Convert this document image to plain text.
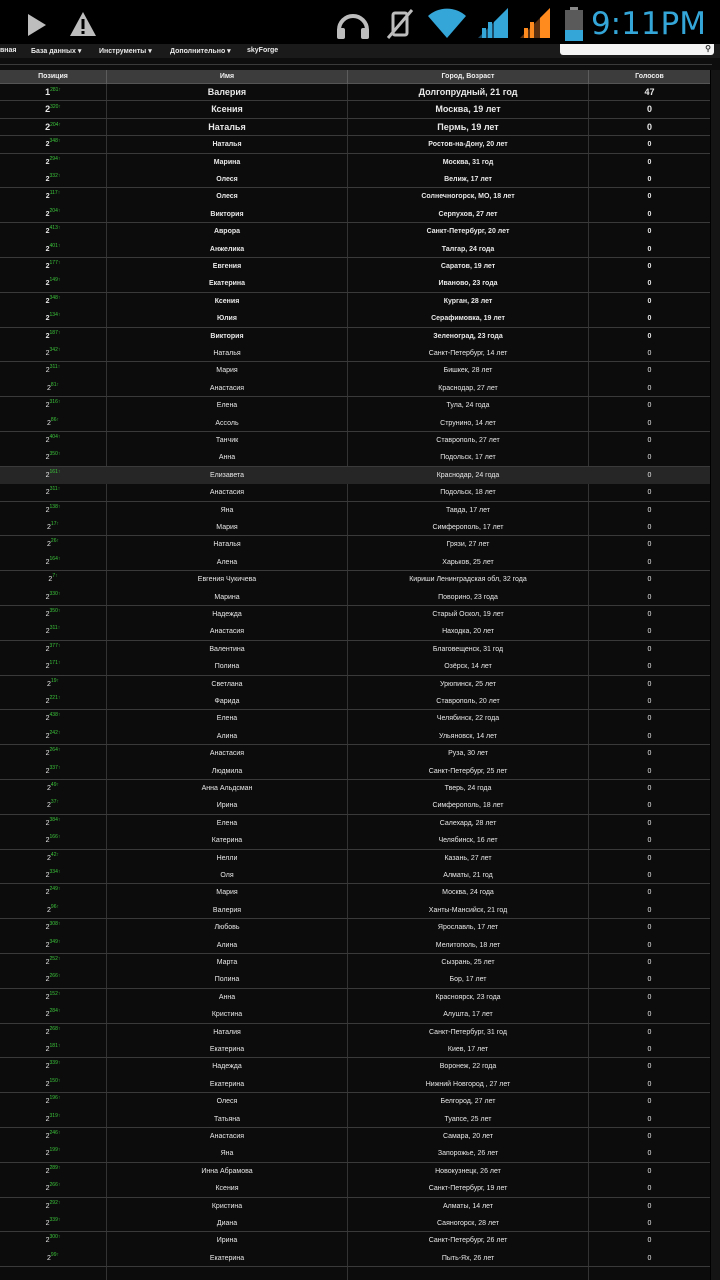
9:11PM
вная База данных ▾	Инструменты ▾	Дополнительно ▾ skyForge	⚲
Позиция	Имя	Город, Возраст	Голосов
$1^{281↑}$	Валерия	Долгопрудный, 21 год	47
$2^{320↑}$	Ксения	Москва, 19 лет	0
$2^{204↑}$	Наталья	Пермь, 19 лет	0
$2^{348↑}$	Наталья	Ростов-на-Дону, 20 лет	0
$2^{294↑}$	Марина	Москва, 31 год	0
$2^{332↑}$	Олеся	Велиж, 17 лет	0
$2^{117↑}$	Олеся	Солнечногорск, МО, 18 лет	0
$2^{204↑}$	Виктория	Серпухов, 27 лет	0
$2^{413↑}$	Аврора	Санкт-Петербург, 20 лет	0
$2^{401↑}$	Анжелика	Талгар, 24 года	0
$2^{177↑}$	Евгения	Саратов, 19 лет	0
$2^{149↑}$	Екатерина	Иваново, 23 года	0
$2^{348↑}$	Ксения	Курган, 28 лет	0
$2^{134↑}$	Юлия	Серафимовка, 19 лет	0
$2^{187↑}$	Виктория	Зеленоград, 23 года	0
$2^{342↑}$	Наталья	Санкт-Петербург, 14 лет	0
$2^{311↑}$	Мария	Бишкек, 28 лет	0
$2^{81↑}$	Анастасия	Краснодар, 27 лет	0
$2^{316↑}$	Елена	Тула, 24 года	0
$2^{86↑}$	Ассоль	Струнино, 14 лет	0
$2^{404↑}$	Танчик	Ставрополь, 27 лет	0
$2^{350↑}$	Анна	Подольск, 17 лет	0
$2^{161↑}$	Елизавета	Краснодар, 24 года	0
$2^{311↑}$	Анастасия	Подольск, 18 лет	0
$2^{138↑}$	Яна	Тавда, 17 лет	0
$2^{17↑}$	Мария	Симферополь, 17 лет	0
$2^{26↑}$	Наталья	Грязи, 27 лет	0
$2^{164↑}$	Алена	Харьков, 25 лет	0
$2^{7↑}$	Евгения Чукичева	Кириши Ленинградская обл, 32 года	0
$2^{330↑}$	Марина	Поворино, 23 года	0
$2^{350↑}$	Надежда	Старый Оскол, 19 лет	0
$2^{311↑}$	Анастасия	Находка, 20 лет	0
$2^{377↑}$	Валентина	Благовещенск, 31 год	0
$2^{171↑}$	Полина	Озёрск, 14 лет	0
$2^{19↑}$	Светлана	Урюпинск, 25 лет	0
$2^{221↑}$	Фарида	Ставрополь, 20 лет	0
$2^{438↑}$	Елена	Челябинск, 22 года	0
$2^{242↑}$	Алина	Ульяновск, 14 лет	0
$2^{264↑}$	Анастасия	Руза, 30 лет	0
$2^{337↑}$	Людмила	Санкт-Петербург, 25 лет	0
$2^{49↑}$	Анна Альдсман	Тверь, 24 года	0
$2^{37↑}$	Ирина	Симферополь, 18 лет	0
$2^{384↑}$	Елена	Салехард, 28 лет	0
$2^{166↑}$	Катерина	Челябинск, 16 лет	0
$2^{42↑}$	Нелли	Казань, 27 лет	0
$2^{334↑}$	Оля	Алматы, 21 год	0
$2^{249↑}$	Мария	Москва, 24 года	0
$2^{96↑}$	Валерия	Ханты-Мансийск, 21 год	0
$2^{308↑}$	Любовь	Ярославль, 17 лет	0
$2^{349↑}$	Алина	Мелитополь, 18 лет	0
$2^{252↑}$	Марта	Сызрань, 25 лет	0
$2^{266↑}$	Полина	Бор, 17 лет	0
$2^{152↑}$	Анна	Красноярск, 23 года	0
$2^{284↑}$	Кристина	Алушта, 17 лет	0
$2^{268↑}$	Наталия	Санкт-Петербург, 31 год	0
$2^{181↑}$	Екатерина	Киев, 17 лет	0
$2^{339↑}$	Надежда	Воронеж, 22 года	0
$2^{150↑}$	Екатерина	Нижний Новгород , 27 лет	0
$2^{196↑}$	Олеся	Белгород, 27 лет	0
$2^{319↑}$	Татьяна	Туапсе, 25 лет	0
$2^{246↑}$	Анастасия	Самара, 20 лет	0
$2^{199↑}$	Яна	Запорожье, 26 лет	0
$2^{289↑}$	Инна Абрамова	Новокузнецк, 26 лет	0
$2^{266↑}$	Ксения	Санкт-Петербург, 19 лет	0
$2^{292↑}$	Кристина	Алматы, 14 лет	0
$2^{339↑}$	Диана	Саяногорск, 28 лет	0
$2^{300↑}$	Ирина	Санкт-Петербург, 26 лет	0
$2^{99↑}$	Екатерина	Пыть-Ях, 26 лет	0
